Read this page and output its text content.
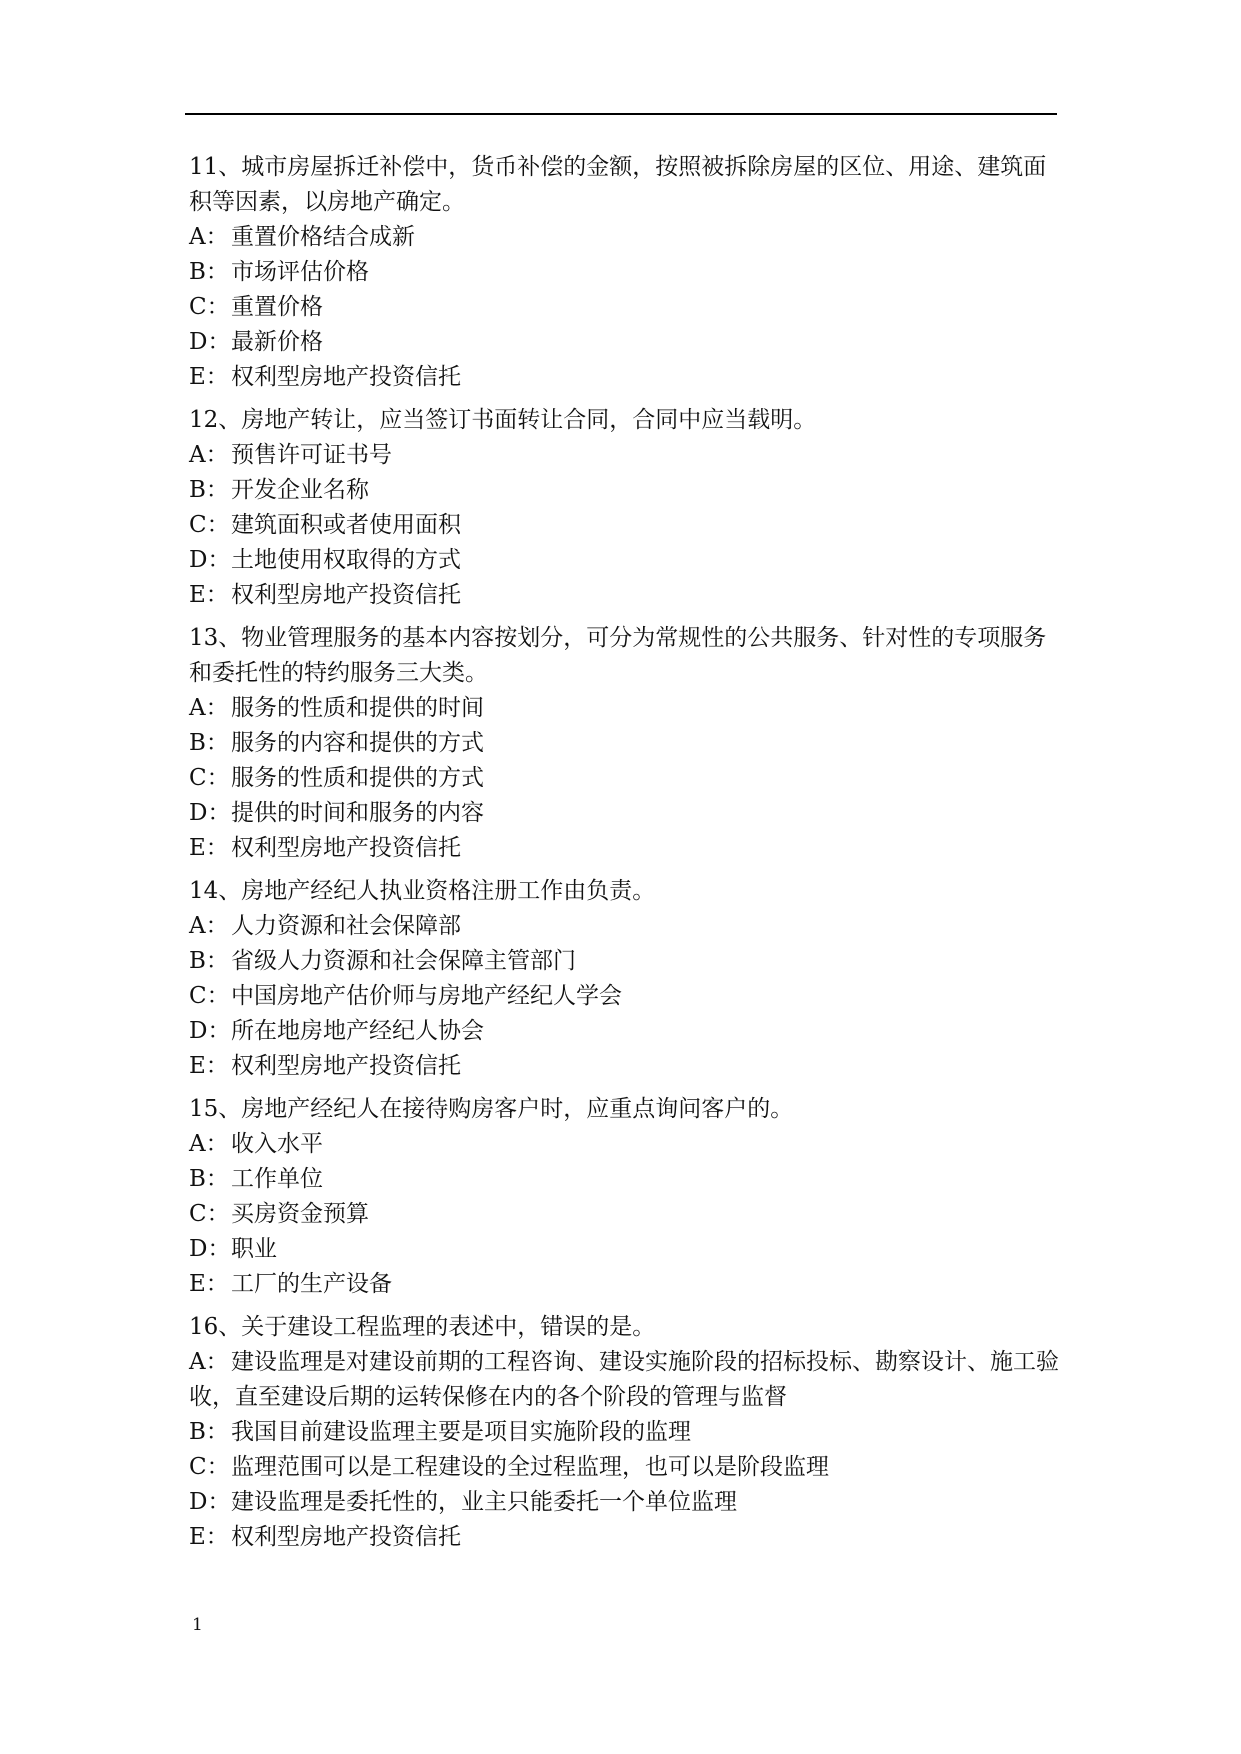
11、城市房屋拆迁补偿中，货币补偿的金额，按照被拆除房屋的区位、用途、建筑面积等因素，以房地产确定。
A： 重置价格结合成新
B：市场评估价格
C：重置价格
D：最新价格
E：权利型房地产投资信托
12、房地产转让，应当签订书面转让合同，合同中应当载明。
A： 预售许可证书号
B：开发企业名称
C：建筑面积或者使用面积
D：土地使用权取得的方式
E：权利型房地产投资信托
13、物业管理服务的基本内容按划分，可分为常规性的公共服务、针对性的专项服务和委托性的特约服务三大类。
A： 服务的性质和提供的时间
B：服务的内容和提供的方式
C：服务的性质和提供的方式
D：提供的时间和服务的内容
E：权利型房地产投资信托
14、房地产经纪人执业资格注册工作由负责。
A： 人力资源和社会保障部
B：省级人力资源和社会保障主管部门
C：中国房地产估价师与房地产经纪人学会
D：所在地房地产经纪人协会
E：权利型房地产投资信托
15、房地产经纪人在接待购房客户时，应重点询问客户的。
A： 收入水平
B：工作单位
C：买房资金预算
D：职业
E：工厂的生产设备
16、关于建设工程监理的表述中，错误的是。
A： 建设监理是对建设前期的工程咨询、建设实施阶段的招标投标、勘察设计、施工验收，直至建设后期的运转保修在内的各个阶段的管理与监督
B：我国目前建设监理主要是项目实施阶段的监理
C：监理范围可以是工程建设的全过程监理，也可以是阶段监理
D：建设监理是委托性的，业主只能委托一个单位监理
E：权利型房地产投资信托
1
